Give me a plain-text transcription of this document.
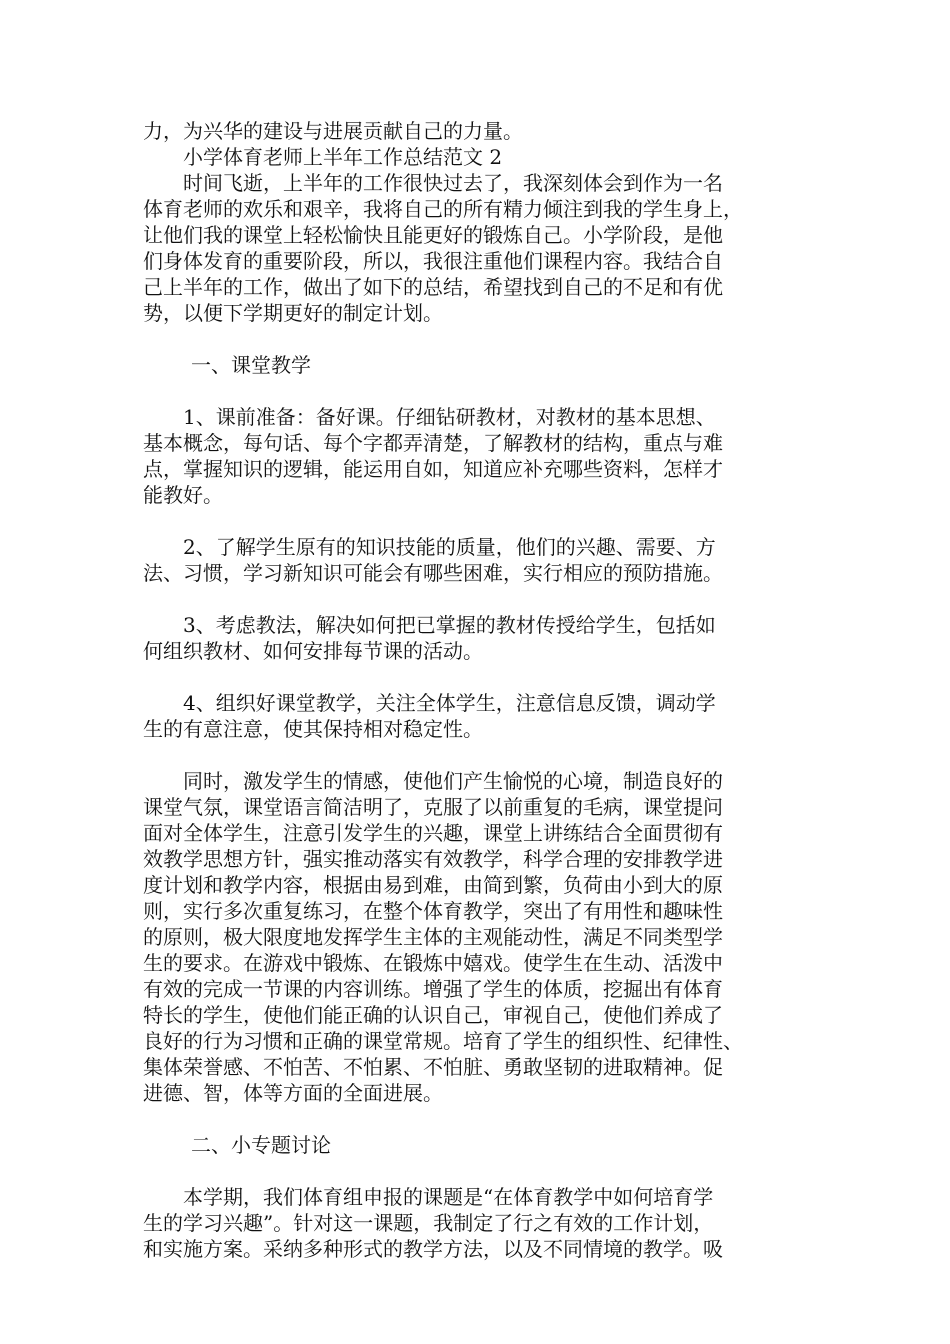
力，为兴华的建设与进展贡献自己的力量。
小学体育老师上半年工作总结范文 2
时间飞逝，上半年的工作很快过去了，我深刻体会到作为一名
体育老师的欢乐和艰辛，我将自己的所有精力倾注到我的学生身上，
让他们我的课堂上轻松愉快且能更好的锻炼自己。小学阶段，是他
们身体发育的重要阶段，所以，我很注重他们课程内容。我结合自
己上半年的工作，做出了如下的总结，希望找到自己的不足和有优
势，以便下学期更好的制定计划。
一、课堂教学
1、课前准备：备好课。仔细钻研教材，对教材的基本思想、
基本概念，每句话、每个字都弄清楚，了解教材的结构，重点与难
点，掌握知识的逻辑，能运用自如，知道应补充哪些资料，怎样才
能教好。
2、了解学生原有的知识技能的质量，他们的兴趣、需要、方
法、习惯，学习新知识可能会有哪些困难，实行相应的预防措施。
3、考虑教法，解决如何把已掌握的教材传授给学生，包括如
何组织教材、如何安排每节课的活动。
4、组织好课堂教学，关注全体学生，注意信息反馈，调动学
生的有意注意，使其保持相对稳定性。
同时，激发学生的情感，使他们产生愉悦的心境，制造良好的
课堂气氛，课堂语言简洁明了，克服了以前重复的毛病，课堂提问
面对全体学生，注意引发学生的兴趣，课堂上讲练结合全面贯彻有
效教学思想方针，强实推动落实有效教学，科学合理的安排教学进
度计划和教学内容，根据由易到难，由简到繁，负荷由小到大的原
则，实行多次重复练习，在整个体育教学，突出了有用性和趣味性
的原则，极大限度地发挥学生主体的主观能动性，满足不同类型学
生的要求。在游戏中锻炼、在锻炼中嬉戏。使学生在生动、活泼中
有效的完成一节课的内容训练。增强了学生的体质，挖掘出有体育
特长的学生，使他们能正确的认识自己，审视自己，使他们养成了
良好的行为习惯和正确的课堂常规。培育了学生的组织性、纪律性、
集体荣誉感、不怕苦、不怕累、不怕脏、勇敢坚韧的进取精神。促
进德、智，体等方面的全面进展。
二、小专题讨论
本学期，我们体育组申报的课题是“在体育教学中如何培育学
生的学习兴趣”。针对这一课题，我制定了行之有效的工作计划，
和实施方案。采纳多种形式的教学方法，以及不同情境的教学。吸
